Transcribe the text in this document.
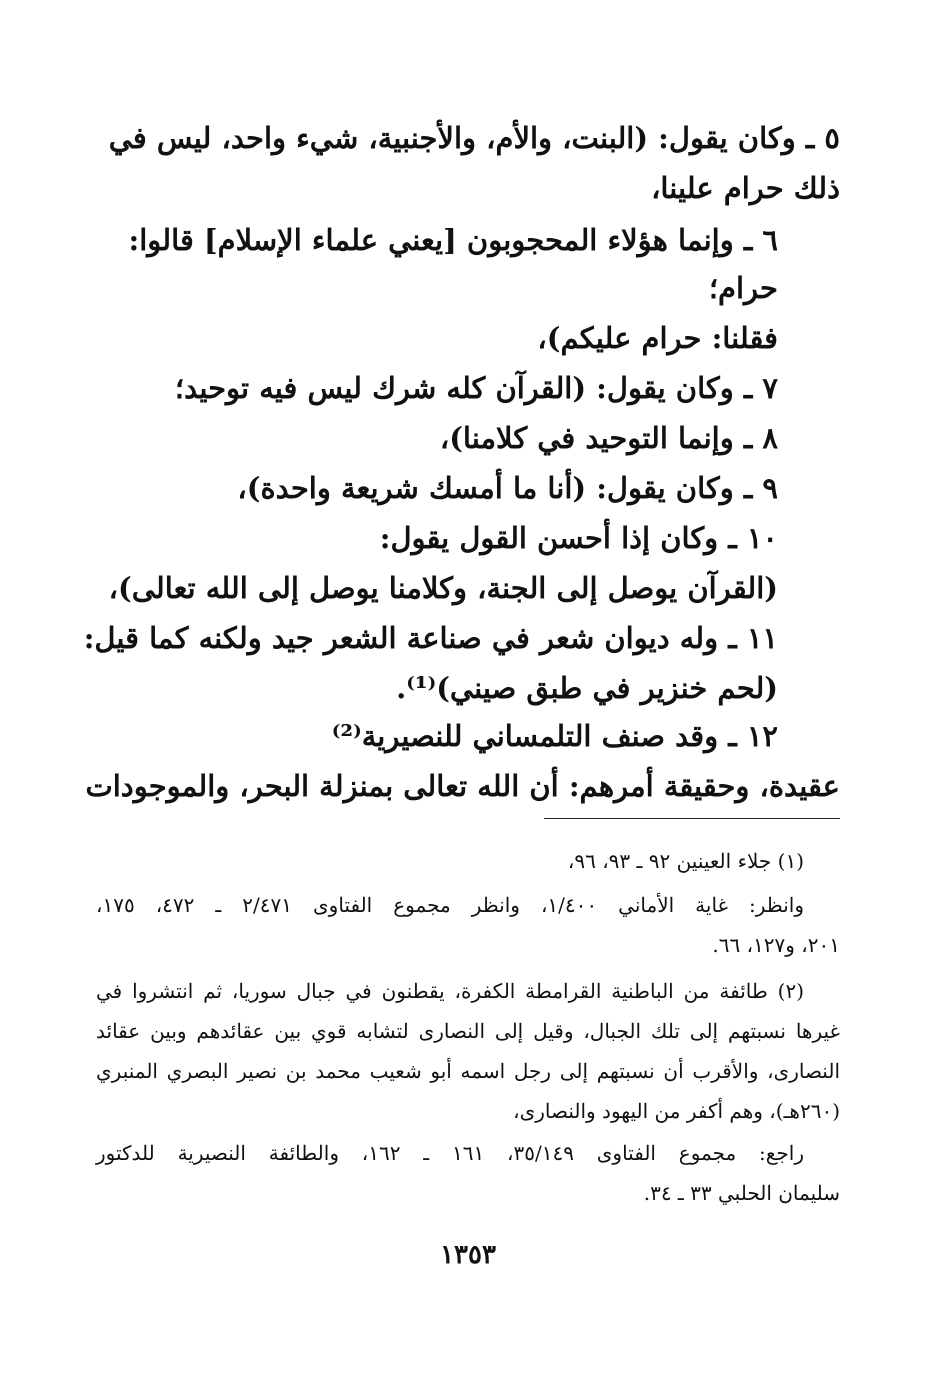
٥ ـ وكان يقول: (البنت، والأم، والأجنبية، شيء واحد، ليس في
ذلك حرام علينا،
٦ ـ وإنما هؤلاء المحجوبون [يعني علماء الإسلام] قالوا:
حرام؛
فقلنا: حرام عليكم)،
٧ ـ وكان يقول: (القرآن كله شرك ليس فيه توحيد؛
٨ ـ وإنما التوحيد في كلامنا)،
٩ ـ وكان يقول: (أنا ما أمسك شريعة واحدة)،
١٠ ـ وكان إذا أحسن القول يقول:
(القرآن يوصل إلى الجنة، وكلامنا يوصل إلى الله تعالى)،
١١ ـ وله ديوان شعر في صناعة الشعر جيد ولكنه كما قيل:
(لحم خنزير في طبق صيني)⁽¹⁾.
١٢ ـ وقد صنف التلمساني للنصيرية⁽²⁾
عقيدة، وحقيقة أمرهم: أن الله تعالى بمنزلة البحر، والموجودات
(١) جلاء العينين ٩٢ ـ ٩٣، ٩٦،
وانظر: غاية الأماني ١/٤٠٠، وانظر مجموع الفتاوى ٢/٤٧١ ـ ٤٧٢، ١٧٥،
٢٠١، و١٢٧، ٦٦.
(٢) طائفة من الباطنية القرامطة الكفرة، يقطنون في جبال سوريا، ثم انتشروا في
غيرها نسبتهم إلى تلك الجبال، وقيل إلى النصارى لتشابه قوي بين عقائدهم وبين عقائد
النصارى، والأقرب أن نسبتهم إلى رجل اسمه أبو شعيب محمد بن نصير البصري المنبري
(٢٦٠هـ)، وهم أكفر من اليهود والنصارى،
راجع: مجموع الفتاوى ٣٥/١٤٩، ١٦١ ـ ١٦٢، والطائفة النصيرية للدكتور
سليمان الحلبي ٣٣ ـ ٣٤.
١٣٥٣
